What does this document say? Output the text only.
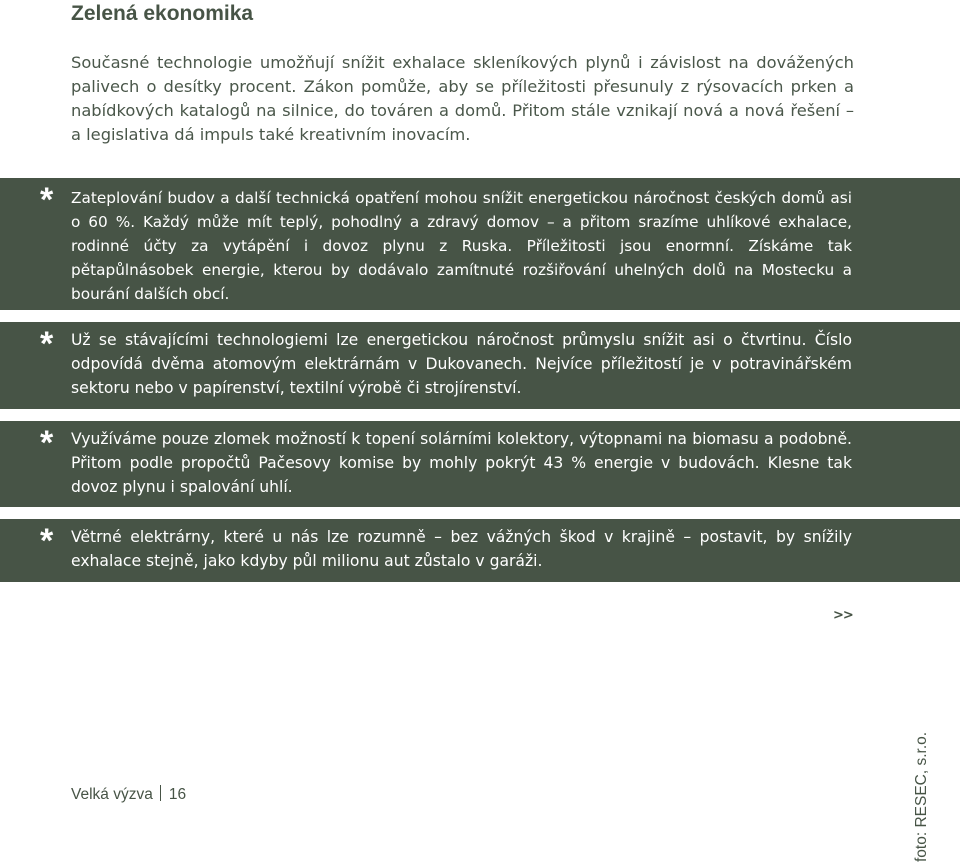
Zelená ekonomika

Současné technologie umožňují snížit exhalace skleníkových plynů i závislost na dovážených palivech o desítky procent. Zákon pomůže, aby se příležitosti přesunuly z rýsovacích prken a nabídkových katalogů na silnice, do továren a domů. Přitom stále vznikají nová a nová řešení – a legislativa dá impuls také kreativním inovacím.

* Zateplování budov a další technická opatření mohou snížit energetickou náročnost českých domů asi o 60 %. Každý může mít teplý, pohodlný a zdravý domov – a přitom srazíme uhlíkové exhalace, rodinné účty za vytápění i dovoz plynu z Ruska. Příležitosti jsou enormní. Získáme tak pětapůlnásobek energie, kterou by dodávalo zamítnuté rozšiřování uhelných dolů na Mostecku a bourání dalších obcí.

* Už se stávajícími technologiemi lze energetickou náročnost průmyslu snížit asi o čtvrtinu. Číslo odpovídá dvěma atomovým elektrárnám v Dukovanech. Nejvíce příležitostí je v potravinářském sektoru nebo v papírenství, textilní výrobě či strojírenství.

* Využíváme pouze zlomek možností k topení solárními kolektory, výtopnami na biomasu a podobně. Přitom podle propočtů Pačesovy komise by mohly pokrýt 43 % energie v budovách. Klesne tak dovoz plynu i spalování uhlí.

* Větrné elektrárny, které u nás lze rozumně – bez vážných škod v krajině – postavit, by snížily exhalace stejně, jako kdyby půl milionu aut zůstalo v garáži.

>>
Velká výzva 16	foto: RESEC, s.r.o.
